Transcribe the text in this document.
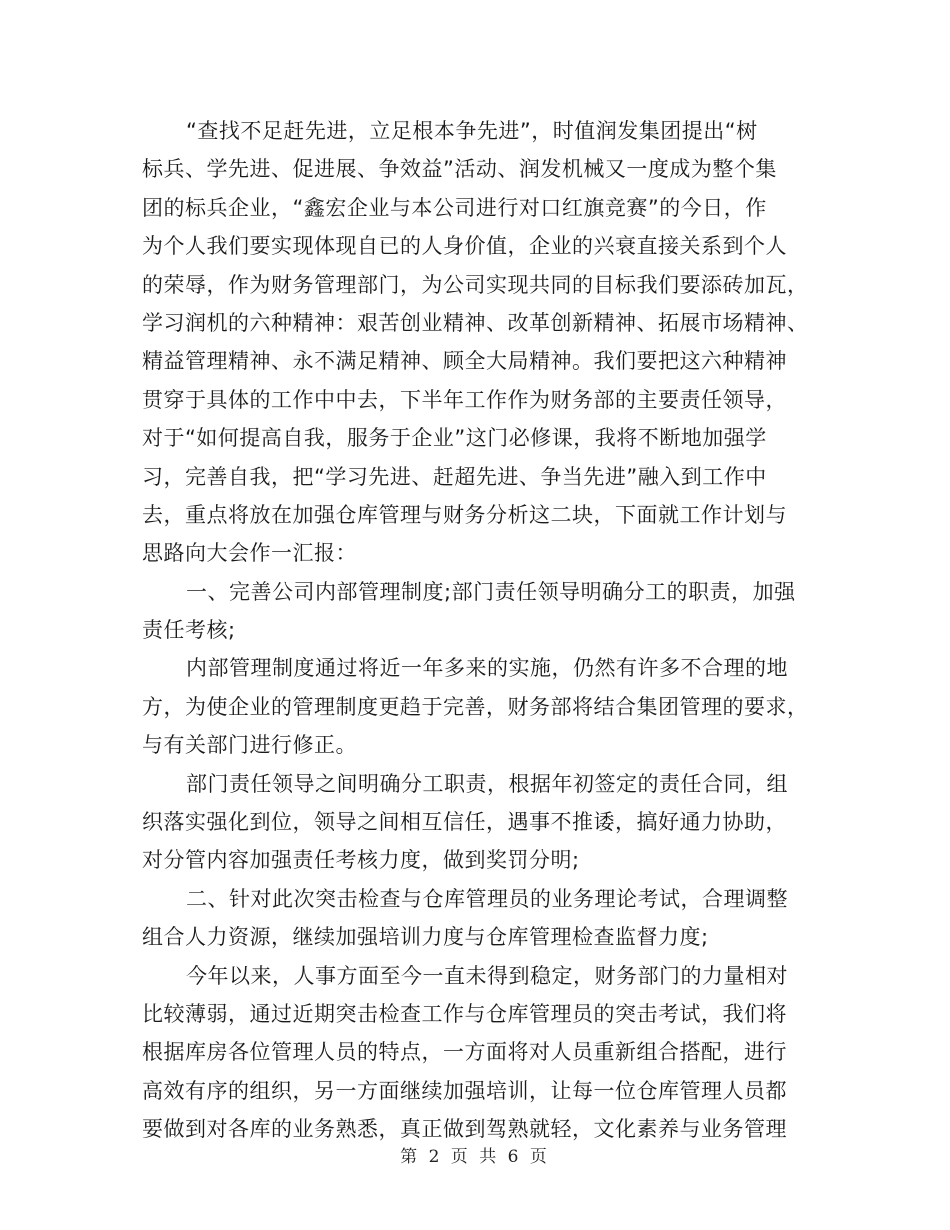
“查找不足赶先进，立足根本争先进”，时值润发集团提出“树
标兵、学先进、促进展、争效益”活动、润发机械又一度成为整个集
团的标兵企业，“鑫宏企业与本公司进行对口红旗竞赛”的今日，作
为个人我们要实现体现自已的人身价值，企业的兴衰直接关系到个人
的荣辱，作为财务管理部门，为公司实现共同的目标我们要添砖加瓦，
学习润机的六种精神：艰苦创业精神、改革创新精神、拓展市场精神、
精益管理精神、永不满足精神、顾全大局精神。我们要把这六种精神
贯穿于具体的工作中中去，下半年工作作为财务部的主要责任领导，
对于“如何提高自我，服务于企业”这门必修课，我将不断地加强学
习，完善自我，把“学习先进、赶超先进、争当先进”融入到工作中
去，重点将放在加强仓库管理与财务分析这二块，下面就工作计划与
思路向大会作一汇报：
一、完善公司内部管理制度;部门责任领导明确分工的职责，加强
责任考核;
内部管理制度通过将近一年多来的实施，仍然有许多不合理的地
方，为使企业的管理制度更趋于完善，财务部将结合集团管理的要求，
与有关部门进行修正。
部门责任领导之间明确分工职责，根据年初签定的责任合同，组
织落实强化到位，领导之间相互信任，遇事不推诿，搞好通力协助，
对分管内容加强责任考核力度，做到奖罚分明;
二、针对此次突击检查与仓库管理员的业务理论考试，合理调整
组合人力资源，继续加强培训力度与仓库管理检查监督力度;
今年以来，人事方面至今一直未得到稳定，财务部门的力量相对
比较薄弱，通过近期突击检查工作与仓库管理员的突击考试，我们将
根据库房各位管理人员的特点，一方面将对人员重新组合搭配，进行
高效有序的组织，另一方面继续加强培训，让每一位仓库管理人员都
要做到对各库的业务熟悉，真正做到驾熟就轻，文化素养与业务管理
第 2 页 共 6 页
